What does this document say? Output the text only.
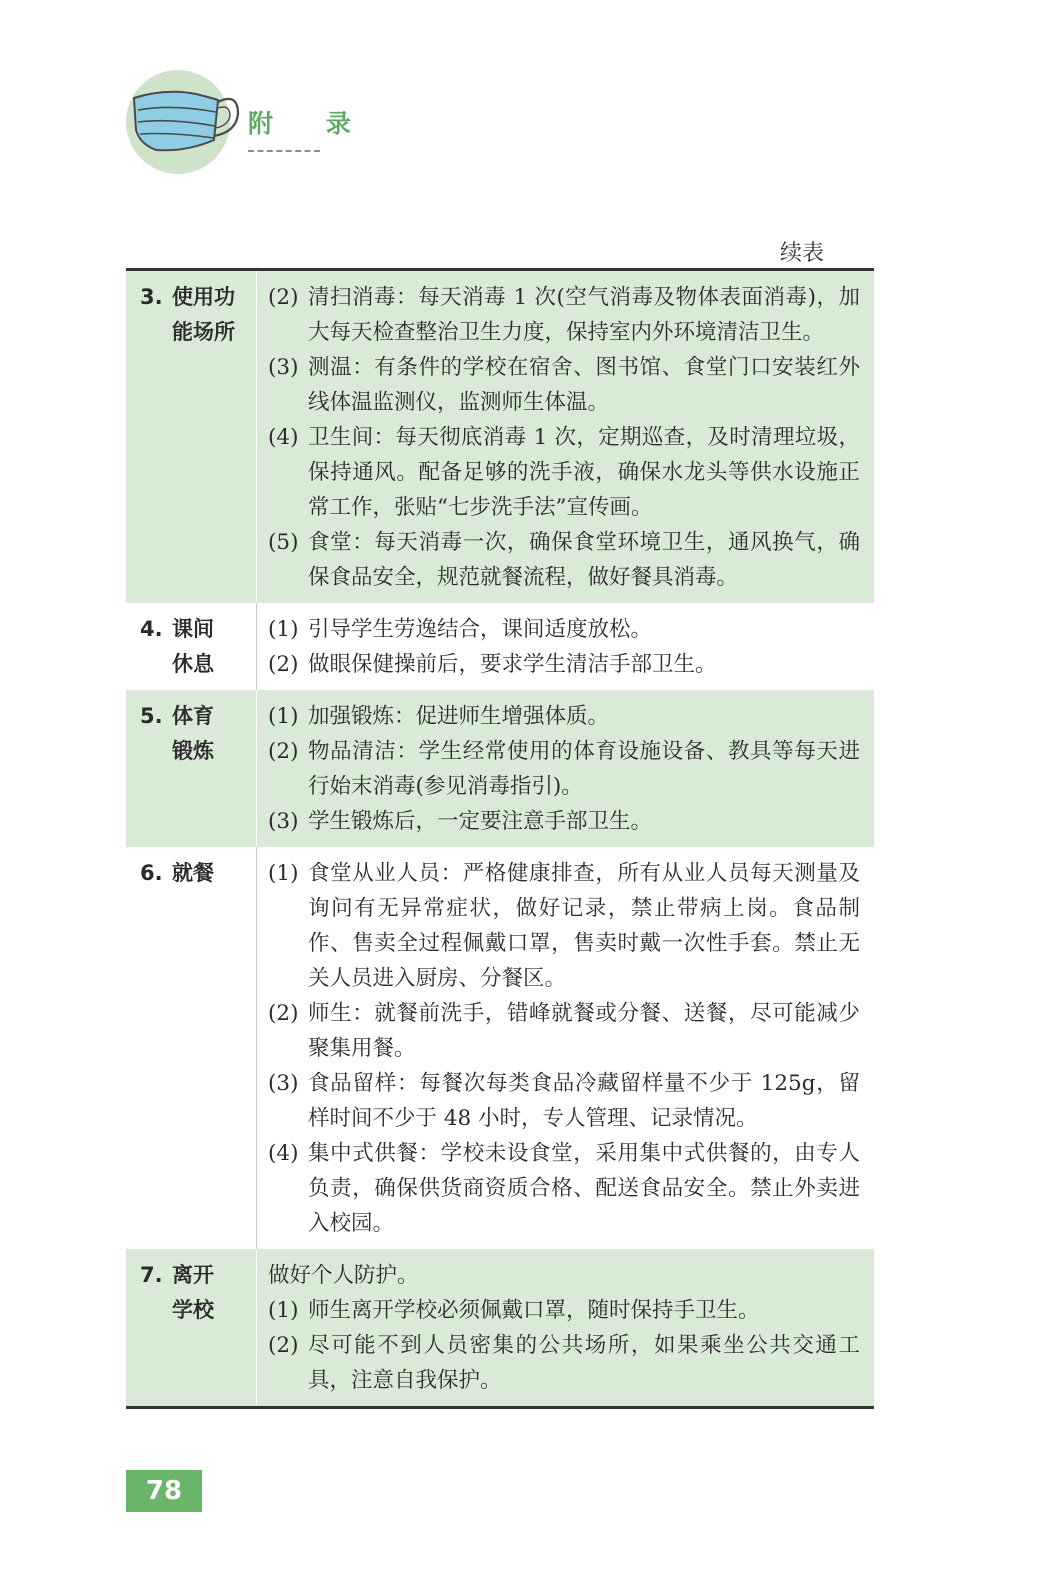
附 录
续表
3. 使用功
能场所
(2) 清扫消毒：每天消毒 1 次(空气消毒及物体表面消毒)，加大每天检查整治卫生力度，保持室内外环境清洁卫生。
(3) 测温：有条件的学校在宿舍、图书馆、食堂门口安装红外线体温监测仪，监测师生体温。
(4) 卫生间：每天彻底消毒 1 次，定期巡查，及时清理垃圾，保持通风。配备足够的洗手液，确保水龙头等供水设施正常工作，张贴“七步洗手法”宣传画。
(5) 食堂：每天消毒一次，确保食堂环境卫生，通风换气，确保食品安全，规范就餐流程，做好餐具消毒。
4. 课间
休息
(1) 引导学生劳逸结合，课间适度放松。
(2) 做眼保健操前后，要求学生清洁手部卫生。
5. 体育
锻炼
(1) 加强锻炼：促进师生增强体质。
(2) 物品清洁：学生经常使用的体育设施设备、教具等每天进行始末消毒(参见消毒指引)。
(3) 学生锻炼后，一定要注意手部卫生。
6. 就餐	(1) 食堂从业人员：严格健康排查，所有从业人员每天测量及询问有无异常症状，做好记录，禁止带病上岗。食品制作、售卖全过程佩戴口罩，售卖时戴一次性手套。禁止无关人员进入厨房、分餐区。
(2) 师生：就餐前洗手，错峰就餐或分餐、送餐，尽可能减少聚集用餐。
(3) 食品留样：每餐次每类食品冷藏留样量不少于 125g，留样时间不少于 48 小时，专人管理、记录情况。
(4) 集中式供餐：学校未设食堂，采用集中式供餐的，由专人负责，确保供货商资质合格、配送食品安全。禁止外卖进入校园。
7. 离开
学校
做好个人防护。
(1) 师生离开学校必须佩戴口罩，随时保持手卫生。
(2) 尽可能不到人员密集的公共场所，如果乘坐公共交通工具，注意自我保护。
78
